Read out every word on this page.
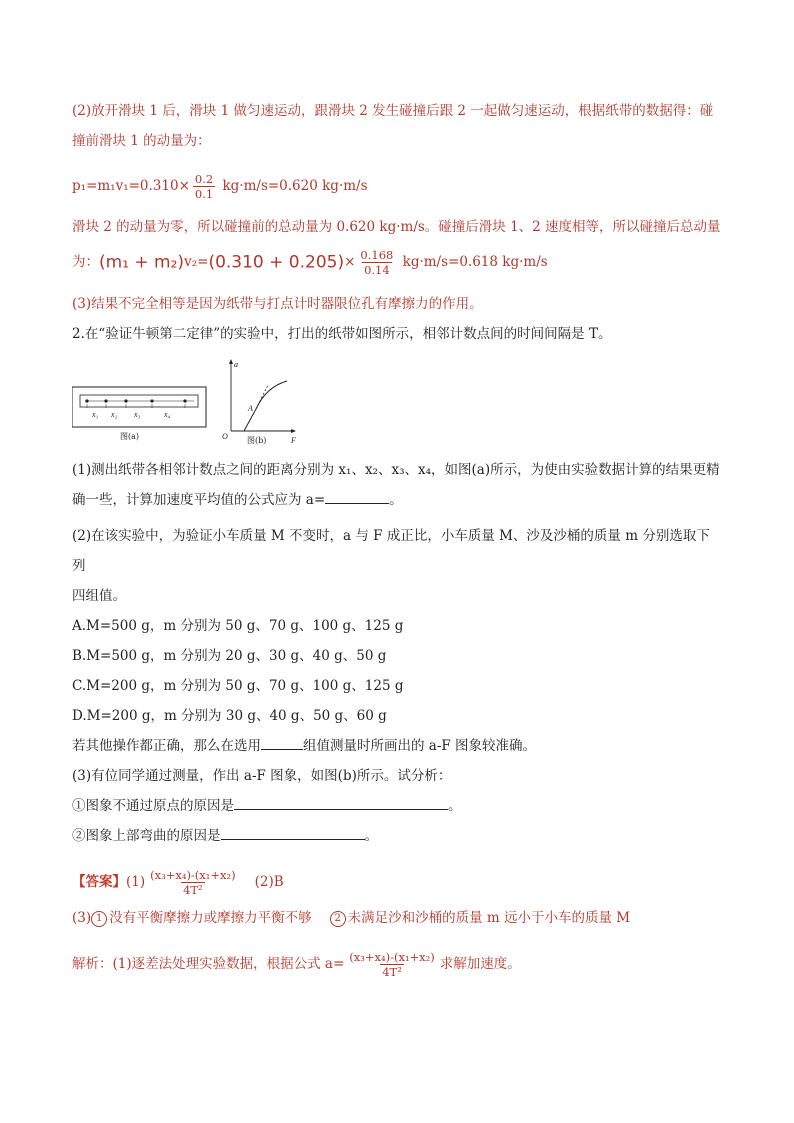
(2)放开滑块 1 后，滑块 1 做匀速运动，跟滑块 2 发生碰撞后跟 2 一起做匀速运动，根据纸带的数据得：碰

撞前滑块 1 的动量为：

$p_1=m_1v_1=0.310\times \frac{0.2}{0.1} kg\cdot m/s=0.620$ kg·m/s

滑块 2 的动量为零，所以碰撞前的总动量为 0.620 kg·m/s。碰撞后滑块 1、2 速度相等，所以碰撞后总动量

为：$(m_1 + m_2)v_2=(0.310 + 0.205)\times \frac{0.168}{0.14} kg\cdot m/s=0.618$ kg·m/s

(3)结果不完全相等是因为纸带与打点计时器限位孔有摩擦力的作用。

2.在“验证牛顿第二定律”的实验中，打出的纸带如图所示，相邻计数点间的时间间隔是 T。

x₁ x₂ x₃	x₄
图(a)
a
F
O
A
图(b)

(1)测出纸带各相邻计数点之间的距离分别为 x₁、x₂、x₃、x₄，如图(a)所示，为使由实验数据计算的结果更精

确一些，计算加速度平均值的公式应为 a=	。

(2)在该实验中，为验证小车质量 M 不变时，a 与 F 成正比，小车质量 M、沙及沙桶的质量 m 分别选取下列

四组值。

A.M=500 g，m 分别为 50 g、70 g、100 g、125 g

B.M=500 g，m 分别为 20 g、30 g、40 g、50 g

C.M=200 g，m 分别为 50 g、70 g、100 g、125 g

D.M=200 g，m 分别为 30 g、40 g、50 g、60 g

若其他操作都正确，那么在选用	组值测量时所画出的 a-F 图象较准确。

(3)有位同学通过测量，作出 a-F 图象，如图(b)所示。试分析：

①图象不通过原点的原因是	。

②图象上部弯曲的原因是	。

【答案】$(1) \frac{\text{(x₃+x₄)-(x₁+x₂)}}{\text{4T²}} (2)B$

(3) 1 没有平衡摩擦力或摩擦力平衡不够 2 未满足沙和沙桶的质量 m 远小于小车的质量 M

解析：(1)逐差法处理实验数据，根据公式 $a= \frac{\text{(x₃+x₄)-(x₁+x₂)}}{\text{4T²}}$ 求解加速度。
